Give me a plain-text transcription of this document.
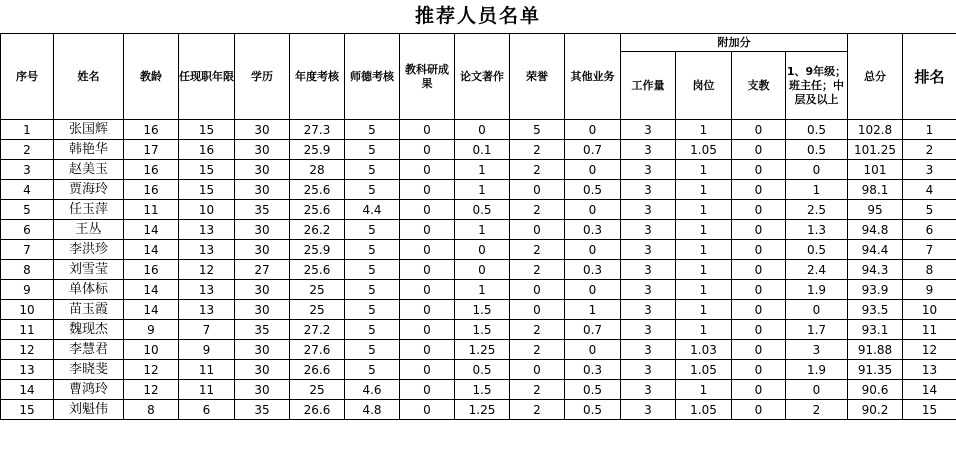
推荐人员名单
序号	姓名	教龄	任现职年限	学历	年度考核	师德考核	教科研成果	论文著作	荣誉	其他业务	附加分				总分	排名
											工作量	岗位	支教	1、9年级；班主任；中层及以上		
1	张国辉	16	15	30	27.3	5	0	0	5	0	3	1	0	0.5	102.8	1
2	韩艳华	17	16	30	25.9	5	0	0.1	2	0.7	3	1.05	0	0.5	101.25	2
3	赵美玉	16	15	30	28	5	0	1	2	0	3	1	0	0	101	3
4	贾海玲	16	15	30	25.6	5	0	1	0	0.5	3	1	0	1	98.1	4
5	任玉萍	11	10	35	25.6	4.4	0	0.5	2	0	3	1	0	2.5	95	5
6	王丛	14	13	30	26.2	5	0	1	0	0.3	3	1	0	1.3	94.8	6
7	李洪珍	14	13	30	25.9	5	0	0	2	0	3	1	0	0.5	94.4	7
8	刘雪莹	16	12	27	25.6	5	0	0	2	0.3	3	1	0	2.4	94.3	8
9	单体标	14	13	30	25	5	0	1	0	0	3	1	0	1.9	93.9	9
10	苗玉霞	14	13	30	25	5	0	1.5	0	1	3	1	0	0	93.5	10
11	魏现杰	9	7	35	27.2	5	0	1.5	2	0.7	3	1	0	1.7	93.1	11
12	李慧君	10	9	30	27.6	5	0	1.25	2	0	3	1.03	0	3	91.88	12
13	李晓斐	12	11	30	26.6	5	0	0.5	0	0.3	3	1.05	0	1.9	91.35	13
14	曹鸿玲	12	11	30	25	4.6	0	1.5	2	0.5	3	1	0	0	90.6	14
15	刘魁伟	8	6	35	26.6	4.8	0	1.25	2	0.5	3	1.05	0	2	90.2	15
